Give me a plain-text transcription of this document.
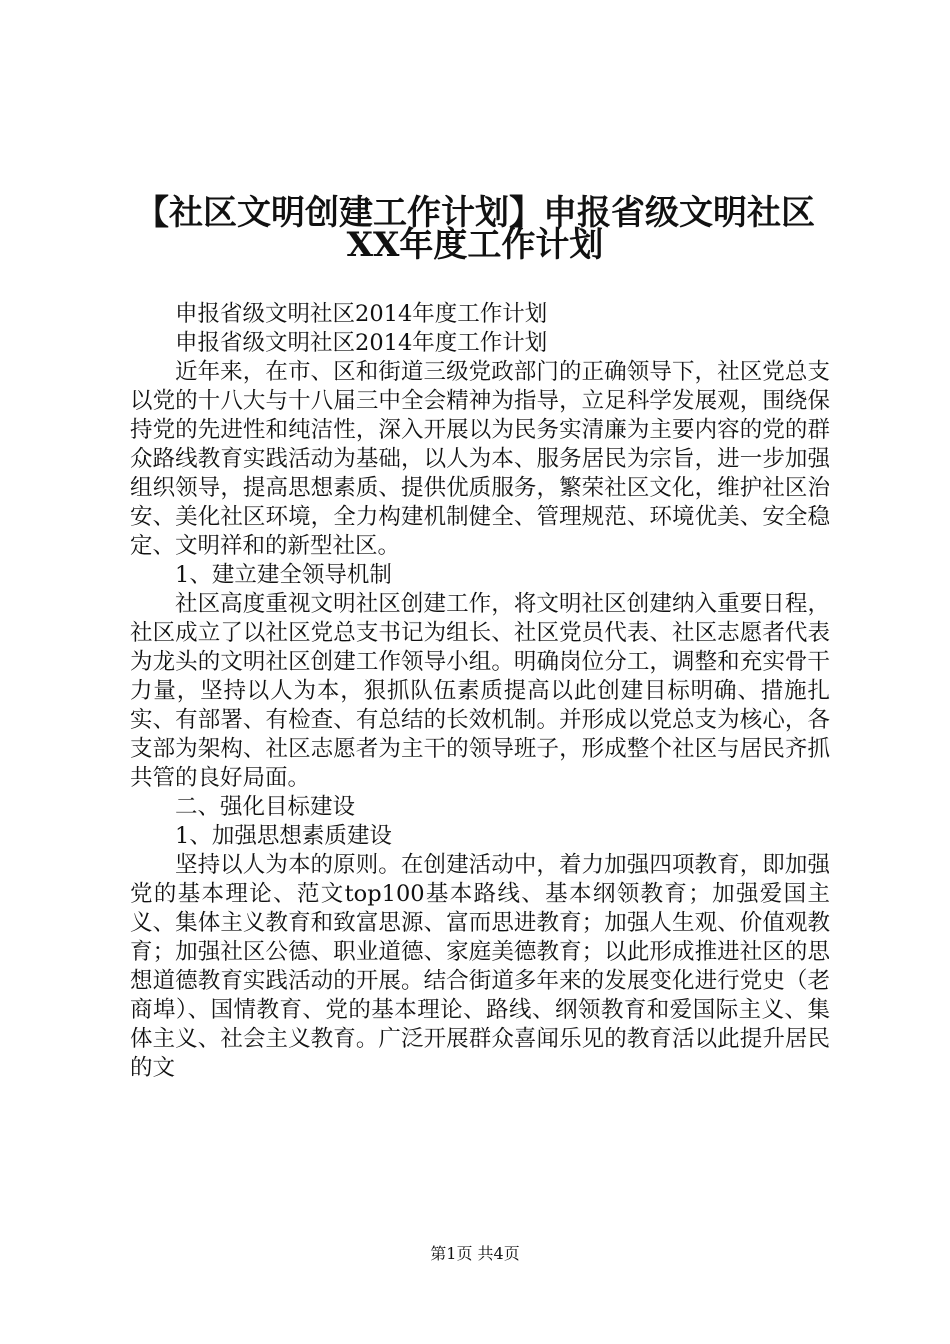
【社区文明创建工作计划】申报省级文明社区
XX年度工作计划

申报省级文明社区2014年度工作计划

申报省级文明社区2014年度工作计划

近年来，在市、区和街道三级党政部门的正确领导下，社区党总支以党的十八大与十八届三中全会精神为指导，立足科学发展观，围绕保持党的先进性和纯洁性，深入开展以为民务实清廉为主要内容的党的群众路线教育实践活动为基础，以人为本、服务居民为宗旨，进一步加强组织领导，提高思想素质、提供优质服务，繁荣社区文化，维护社区治安、美化社区环境，全力构建机制健全、管理规范、环境优美、安全稳定、文明祥和的新型社区。

1、建立建全领导机制

社区高度重视文明社区创建工作，将文明社区创建纳入重要日程，社区成立了以社区党总支书记为组长、社区党员代表、社区志愿者代表为龙头的文明社区创建工作领导小组。明确岗位分工，调整和充实骨干力量，坚持以人为本，狠抓队伍素质提高以此创建目标明确、措施扎实、有部署、有检查、有总结的长效机制。并形成以党总支为核心，各支部为架构、社区志愿者为主干的领导班子，形成整个社区与居民齐抓共管的良好局面。

二、强化目标建设

1、加强思想素质建设

坚持以人为本的原则。在创建活动中，着力加强四项教育，即加强党的基本理论、范文top100基本路线、基本纲领教育；加强爱国主义、集体主义教育和致富思源、富而思进教育；加强人生观、价值观教育；加强社区公德、职业道德、家庭美德教育；以此形成推进社区的思想道德教育实践活动的开展。结合街道多年来的发展变化进行党史（老商埠）、国情教育、党的基本理论、路线、纲领教育和爱国际主义、集体主义、社会主义教育。广泛开展群众喜闻乐见的教育活以此提升居民的文

第1页 共4页
